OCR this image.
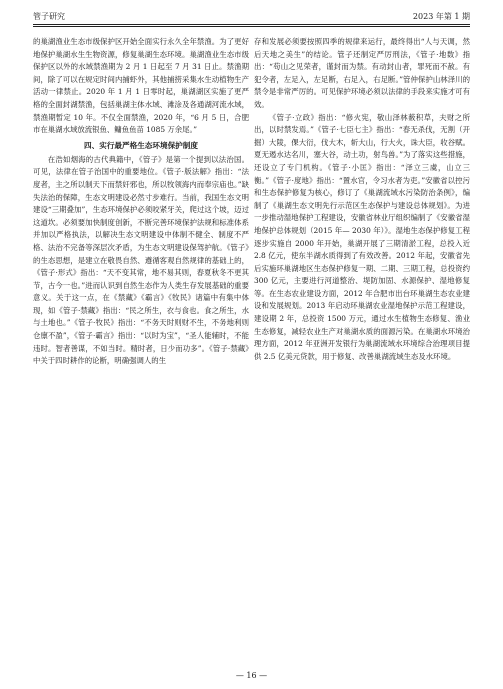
管子研究	2023 年第 1 期

的巢湖渔业生态市级保护区开始全面实行永久全年禁渔。为了更好地保护巢湖水生生物资源，修复巢湖生态环境。巢湖渔业生态市级保护区以外的水域禁渔期为 2 月 1 日起至 7 月 31 日止。禁渔期间，除了可以在规定时间内捕虾外，其他捕捞采集水生动植物生产活动一律禁止。2020 年 1 月 1 日零时起，巢湖湖区实施了更严格的全面封湖禁渔，包括巢湖主体水域、滩涂及各通湖河流水域，禁渔期暂定 10 年。不仅全面禁渔，2020 年，“6 月 5 日，合肥市在巢湖水域放流银鱼、鳙鱼鱼苗 1085 万余尾。”

四、实行最严格生态环境保护制度

在浩如烟海的古代典籍中，《管子》是第一个提到以法治国。可见，法律在管子治国中的重要地位。《管子·版法解》指出：“法度者，主之所以制天下而禁奸邪也，所以牧领海内而奉宗庙也。”缺失法治的保障，生态文明建设必然寸步难行。当前，我国生态文明建设“三期叠加”，生态环境保护必须咬紧牙关，爬过这个坡，迈过这道坎。必须要加快制度创新，不断完善环境保护法规和标准体系并加以严格执法，以解决生态文明建设中体制不健全、制度不严格、法治不完备等深层次矛盾，为生态文明建设保驾护航。《管子》的生态思想，是建立在敬畏自然、遵循客观自然规律的基础上的，《管子·形式》指出：“天不变其常，地不易其则，春夏秋冬不更其节，古今一也。”进而认识到自然生态作为人类生存发展基础的重要意义。关于这一点，在《禁藏》《霸言》《牧民》诸篇中有集中体现，如《管子·禁藏》指出：“民之所生，衣与食也。食之所生，水与土地也。”《管子·牧民》指出：“不务天时则财不生，不务地利则仓廪不盈”，《管子·霸言》指出：“以时为宝”，“圣人能辅时，不能违时。智者善谋，不如当时。精时者，日少而功多”。《管子·禁藏》中关于四时耕作的论断，明确强调人的生

存和发展必须要按照四季的规律来运行，最终得出“人与天调，然后天地之美生”的结论。管子还制定严厉刑法，《管子·地数》指出：“苟山之见荣者，谨封而为禁。有动封山者，罪死而不赦。有犯令者，左足入，左足断，右足入，右足断。”管仲保护山林泽川的禁令是非常严厉的。可见保护环境必须以法律的手段来实施才可有效。

《管子·立政》指出：“修火宪，敬山泽林薮积草，夫财之所出，以时禁发焉。”《管子·七臣七主》指出：“春无杀伐，无割（开掘）大陵，倮大衍，伐大木，斩大山，行大火，诛大臣，收谷赋。夏无遏水达名川，塞大谷，动土功，射鸟兽。”为了落实这些措施，还设立了专门机构。《管子·小匡》指出：“泽立三虞，山立三衡。”《管子·度地》指出：“置水官，令习水者为吏。”安徽省以控污和生态保护修复为核心，修订了《巢湖流域水污染防治条例》，编制了《巢湖生态文明先行示范区生态保护与建设总体规划》。为进一步推动湿地保护工程建设，安徽省林业厅组织编制了《安徽省湿地保护总体规划（2015 年— 2030 年）》。湿地生态保护修复工程逐步实施自 2000 年开始，巢湖开展了三期清淤工程，总投入近 2.8 亿元，使东半湖水质得到了有效改善。2012 年起，安徽省先后实施环巢湖地区生态保护修复一期、二期、三期工程，总投资约 300 亿元，主要进行河道整治、堤防加固、水源保护、湿地修复等。在生态农业建设方面，2012 年合肥市出台环巢湖生态农业建设和发展规划。2013 年启动环巢湖农业湿地保护示范工程建设，建设期 2 年，总投资 1500 万元，通过水生植物生态修复、渔业生态修复，减轻农业生产对巢湖水质的面源污染。在巢湖水环境治理方面，2012 年亚洲开发银行为巢湖流域水环境综合治理项目提供 2.5 亿美元贷款，用于修复、改善巢湖流域生态及水环境。

— 16 —
